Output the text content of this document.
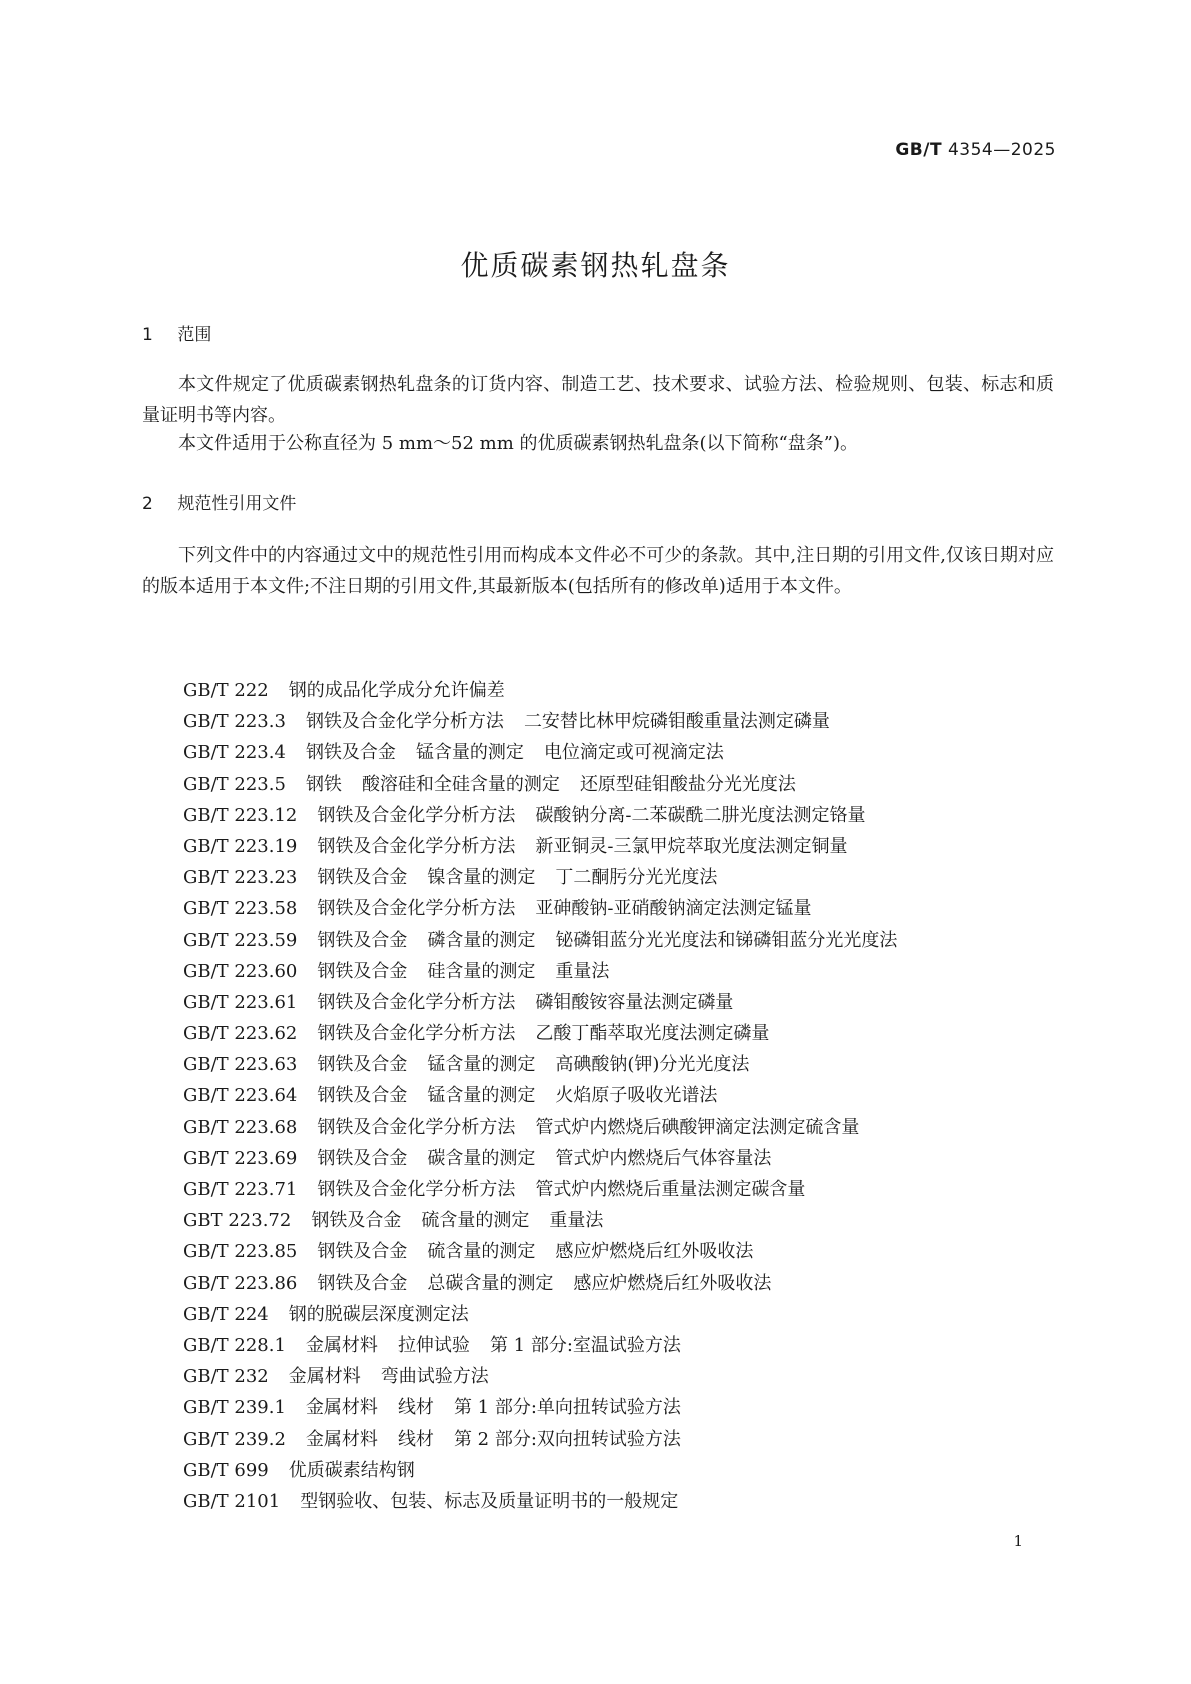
GB/T 4354—2025
优质碳素钢热轧盘条
1 范围

本文件规定了优质碳素钢热轧盘条的订货内容、制造工艺、技术要求、试验方法、检验规则、包装、标志和质量证明书等内容。

本文件适用于公称直径为 5 mm～52 mm 的优质碳素钢热轧盘条(以下简称“盘条”)。

2 规范性引用文件

下列文件中的内容通过文中的规范性引用而构成本文件必不可少的条款。其中,注日期的引用文件,仅该日期对应的版本适用于本文件;不注日期的引用文件,其最新版本(包括所有的修改单)适用于本文件。

GB/T 222 钢的成品化学成分允许偏差
GB/T 223.3 钢铁及合金化学分析方法 二安替比林甲烷磷钼酸重量法测定磷量
GB/T 223.4 钢铁及合金 锰含量的测定 电位滴定或可视滴定法
GB/T 223.5 钢铁 酸溶硅和全硅含量的测定 还原型硅钼酸盐分光光度法
GB/T 223.12 钢铁及合金化学分析方法 碳酸钠分离-二苯碳酰二肼光度法测定铬量
GB/T 223.19 钢铁及合金化学分析方法 新亚铜灵-三氯甲烷萃取光度法测定铜量
GB/T 223.23 钢铁及合金 镍含量的测定 丁二酮肟分光光度法
GB/T 223.58 钢铁及合金化学分析方法 亚砷酸钠-亚硝酸钠滴定法测定锰量
GB/T 223.59 钢铁及合金 磷含量的测定 铋磷钼蓝分光光度法和锑磷钼蓝分光光度法
GB/T 223.60 钢铁及合金 硅含量的测定 重量法
GB/T 223.61 钢铁及合金化学分析方法 磷钼酸铵容量法测定磷量
GB/T 223.62 钢铁及合金化学分析方法 乙酸丁酯萃取光度法测定磷量
GB/T 223.63 钢铁及合金 锰含量的测定 高碘酸钠(钾)分光光度法
GB/T 223.64 钢铁及合金 锰含量的测定 火焰原子吸收光谱法
GB/T 223.68 钢铁及合金化学分析方法 管式炉内燃烧后碘酸钾滴定法测定硫含量
GB/T 223.69 钢铁及合金 碳含量的测定 管式炉内燃烧后气体容量法
GB/T 223.71 钢铁及合金化学分析方法 管式炉内燃烧后重量法测定碳含量
GBT 223.72 钢铁及合金 硫含量的测定 重量法
GB/T 223.85 钢铁及合金 硫含量的测定 感应炉燃烧后红外吸收法
GB/T 223.86 钢铁及合金 总碳含量的测定 感应炉燃烧后红外吸收法
GB/T 224 钢的脱碳层深度测定法
GB/T 228.1 金属材料 拉伸试验 第 1 部分:室温试验方法
GB/T 232 金属材料 弯曲试验方法
GB/T 239.1 金属材料 线材 第 1 部分:单向扭转试验方法
GB/T 239.2 金属材料 线材 第 2 部分:双向扭转试验方法
GB/T 699 优质碳素结构钢
GB/T 2101 型钢验收、包装、标志及质量证明书的一般规定
1
